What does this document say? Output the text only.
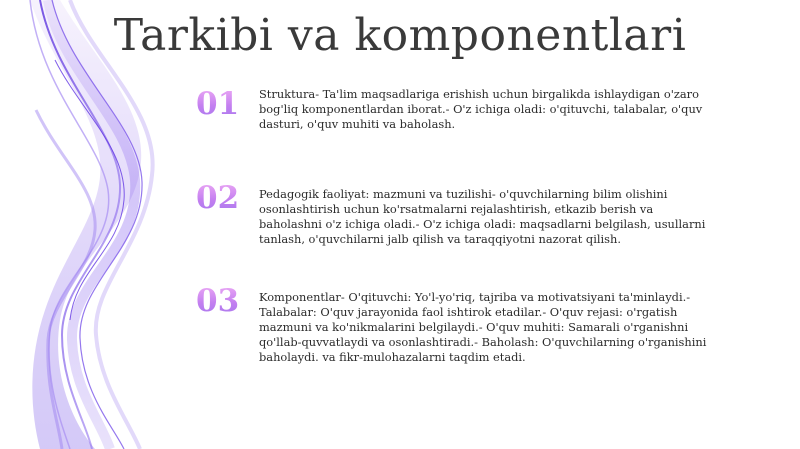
Tarkibi va komponentlari
01	Struktura- Ta'lim maqsadlariga erishish uchun birgalikda ishlaydigan o'zaro bog'liq komponentlardan iborat.- O'z ichiga oladi: o'qituvchi, talabalar, o'quv dasturi, o'quv muhiti va baholash.

02	Pedagogik faoliyat: mazmuni va tuzilishi- o'quvchilarning bilim olishini osonlashtirish uchun ko'rsatmalarni rejalashtirish, etkazib berish va baholashni o'z ichiga oladi.- O'z ichiga oladi: maqsadlarni belgilash, usullarni tanlash, o'quvchilarni jalb qilish va taraqqiyotni nazorat qilish.

03	Komponentlar- O'qituvchi: Yo'l-yo'riq, tajriba va motivatsiyani ta'minlaydi.- Talabalar: O'quv jarayonida faol ishtirok etadilar.- O'quv rejasi: o'rgatish mazmuni va ko'nikmalarini belgilaydi.- O'quv muhiti: Samarali o'rganishni qo'llab-quvvatlaydi va osonlashtiradi.- Baholash: O'quvchilarning o'rganishini baholaydi. va fikr-mulohazalarni taqdim etadi.
